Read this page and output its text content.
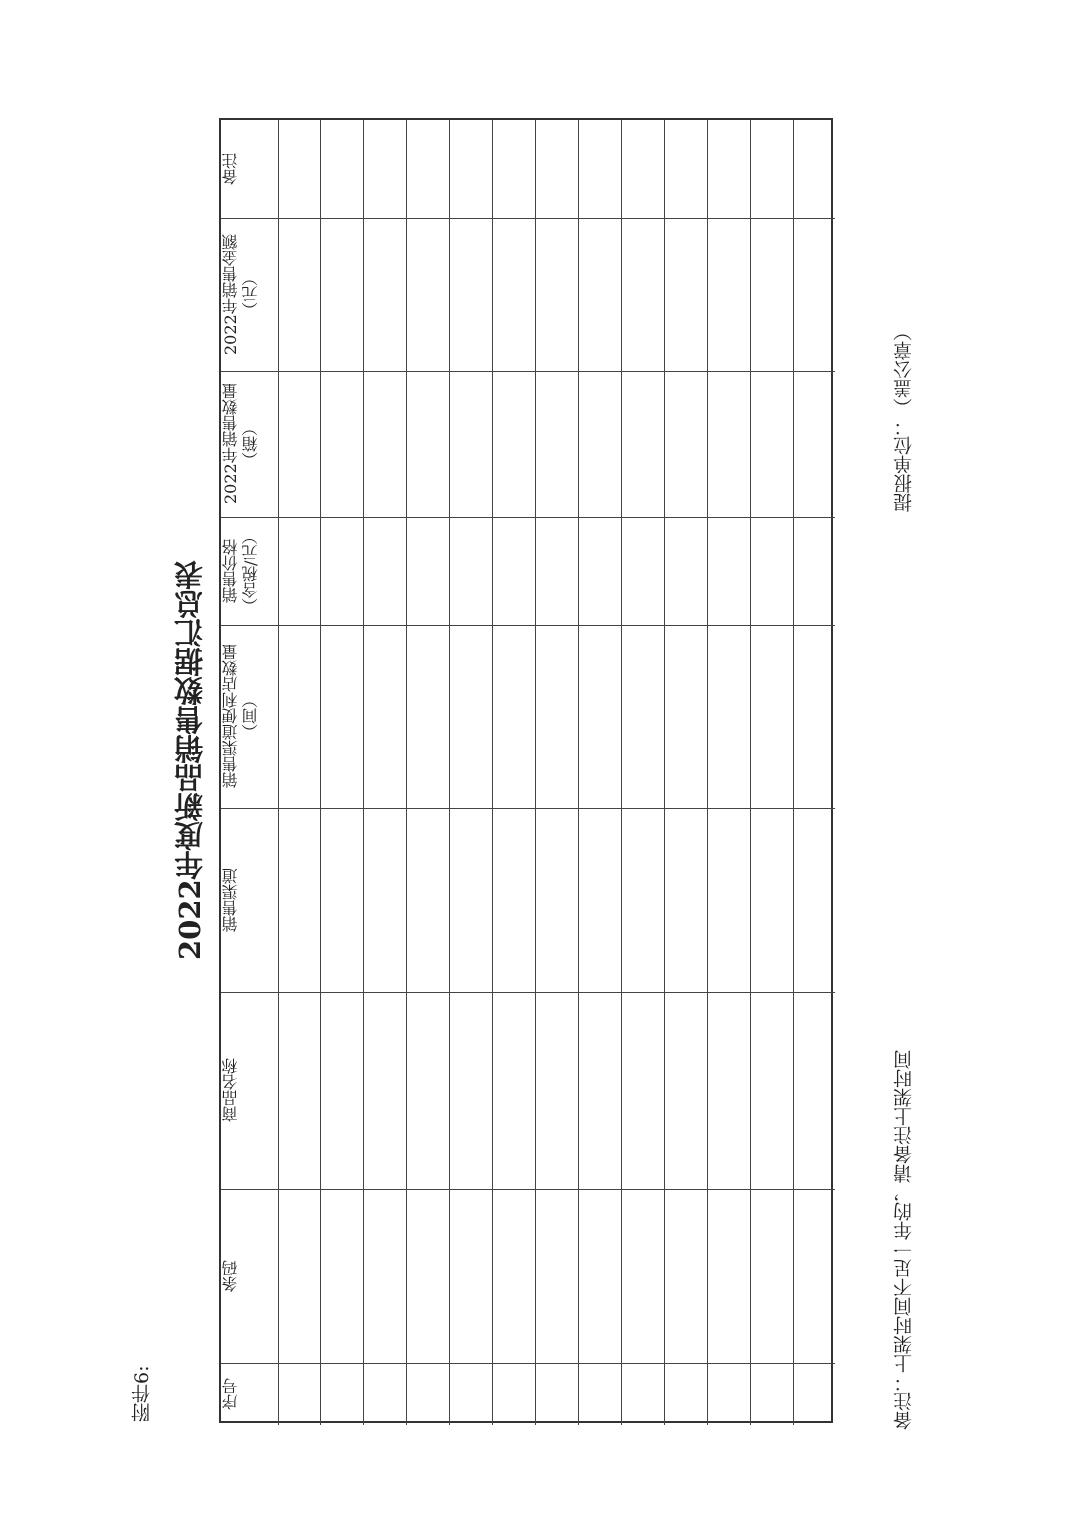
附件6:
2022年度新品销售数据汇总表
序号
条码
商品名称
销售渠道
销售渠道便利店数量 （间）
销售价格 （含税/元）
2022年销售数量 （箱）
2022年销售金额 （元）
备注
备注：上架时间不足一年的，请备注上架时间
提报单位：（盖公章）
